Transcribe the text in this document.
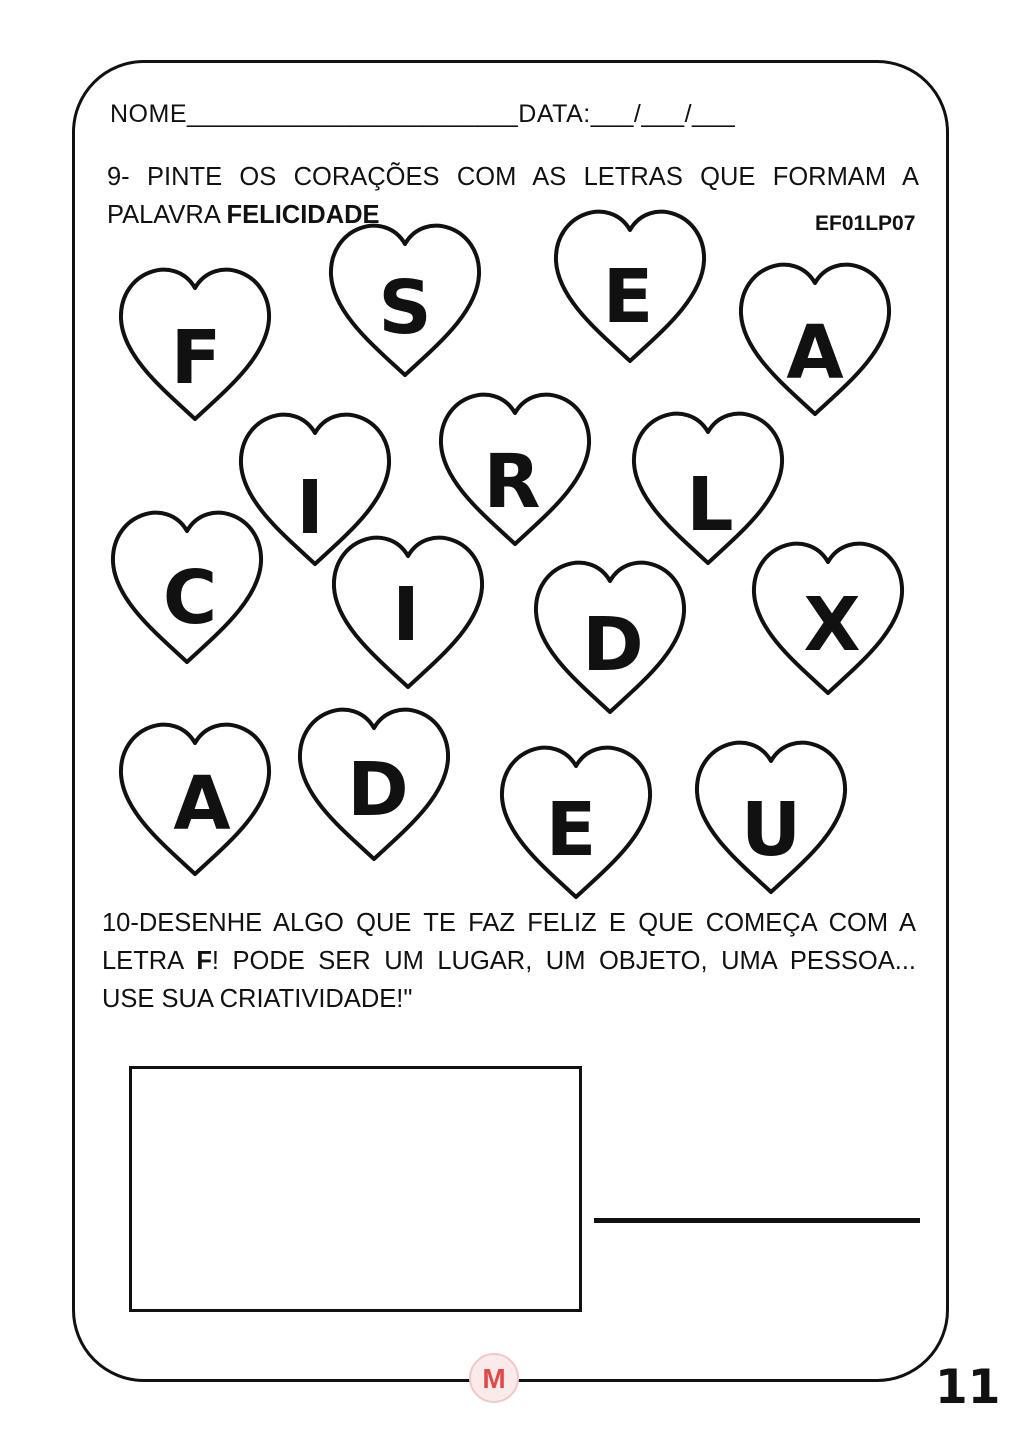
NOME_______________________DATA:___/___/___
9- PINTE OS CORAÇÕES COM AS LETRAS QUE FORMAM A PALAVRA FELICIDADE	EF01LP07
F
S E
A
I R L
C I D X
A D E U
10-DESENHE ALGO QUE TE FAZ FELIZ E QUE COMEÇA COM A LETRA F! PODE SER UM LUGAR, UM OBJETO, UMA PESSOA... USE SUA CRIATIVIDADE!"
M	11
